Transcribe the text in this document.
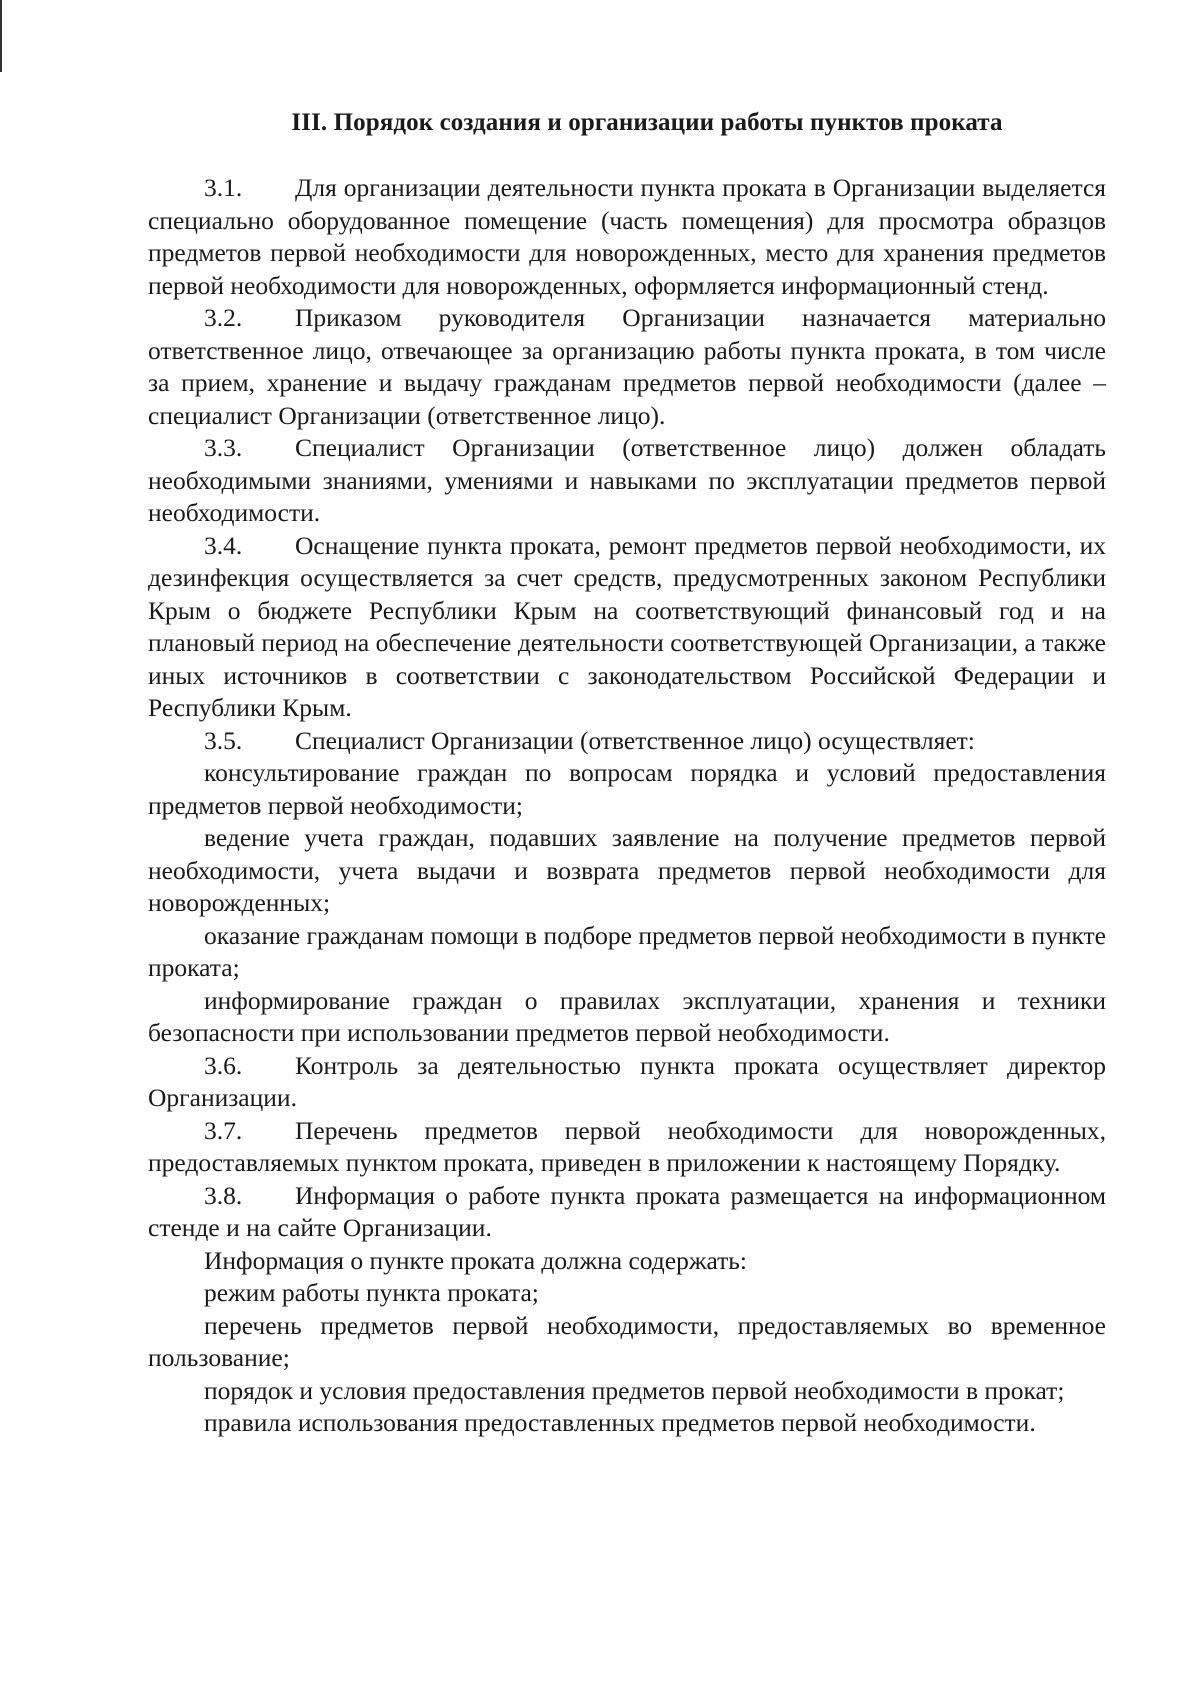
III. Порядок создания и организации работы пунктов проката

3.1. Для организации деятельности пункта проката в Организации выделяется специально оборудованное помещение (часть помещения) для просмотра образцов предметов первой необходимости для новорожденных, место для хранения предметов первой необходимости для новорожденных, оформляется информационный стенд.

3.2. Приказом руководителя Организации назначается материально ответственное лицо, отвечающее за организацию работы пункта проката, в том числе за прием, хранение и выдачу гражданам предметов первой необходимости (далее – специалист Организации (ответственное лицо).

3.3. Специалист Организации (ответственное лицо) должен обладать необходимыми знаниями, умениями и навыками по эксплуатации предметов первой необходимости.

3.4. Оснащение пункта проката, ремонт предметов первой необходимости, их дезинфекция осуществляется за счет средств, предусмотренных законом Республики Крым о бюджете Республики Крым на соответствующий финансовый год и на плановый период на обеспечение деятельности соответствующей Организации, а также иных источников в соответствии с законодательством Российской Федерации и Республики Крым.

3.5. Специалист Организации (ответственное лицо) осуществляет:

консультирование граждан по вопросам порядка и условий предоставления предметов первой необходимости;

ведение учета граждан, подавших заявление на получение предметов первой необходимости, учета выдачи и возврата предметов первой необходимости для новорожденных;

оказание гражданам помощи в подборе предметов первой необходимости в пункте проката;

информирование граждан о правилах эксплуатации, хранения и техники безопасности при использовании предметов первой необходимости.

3.6. Контроль за деятельностью пункта проката осуществляет директор Организации.

3.7. Перечень предметов первой необходимости для новорожденных, предоставляемых пунктом проката, приведен в приложении к настоящему Порядку.

3.8. Информация о работе пункта проката размещается на информационном стенде и на сайте Организации.

Информация о пункте проката должна содержать:

режим работы пункта проката;

перечень предметов первой необходимости, предоставляемых во временное пользование;

порядок и условия предоставления предметов первой необходимости в прокат;

правила использования предоставленных предметов первой необходимости.
